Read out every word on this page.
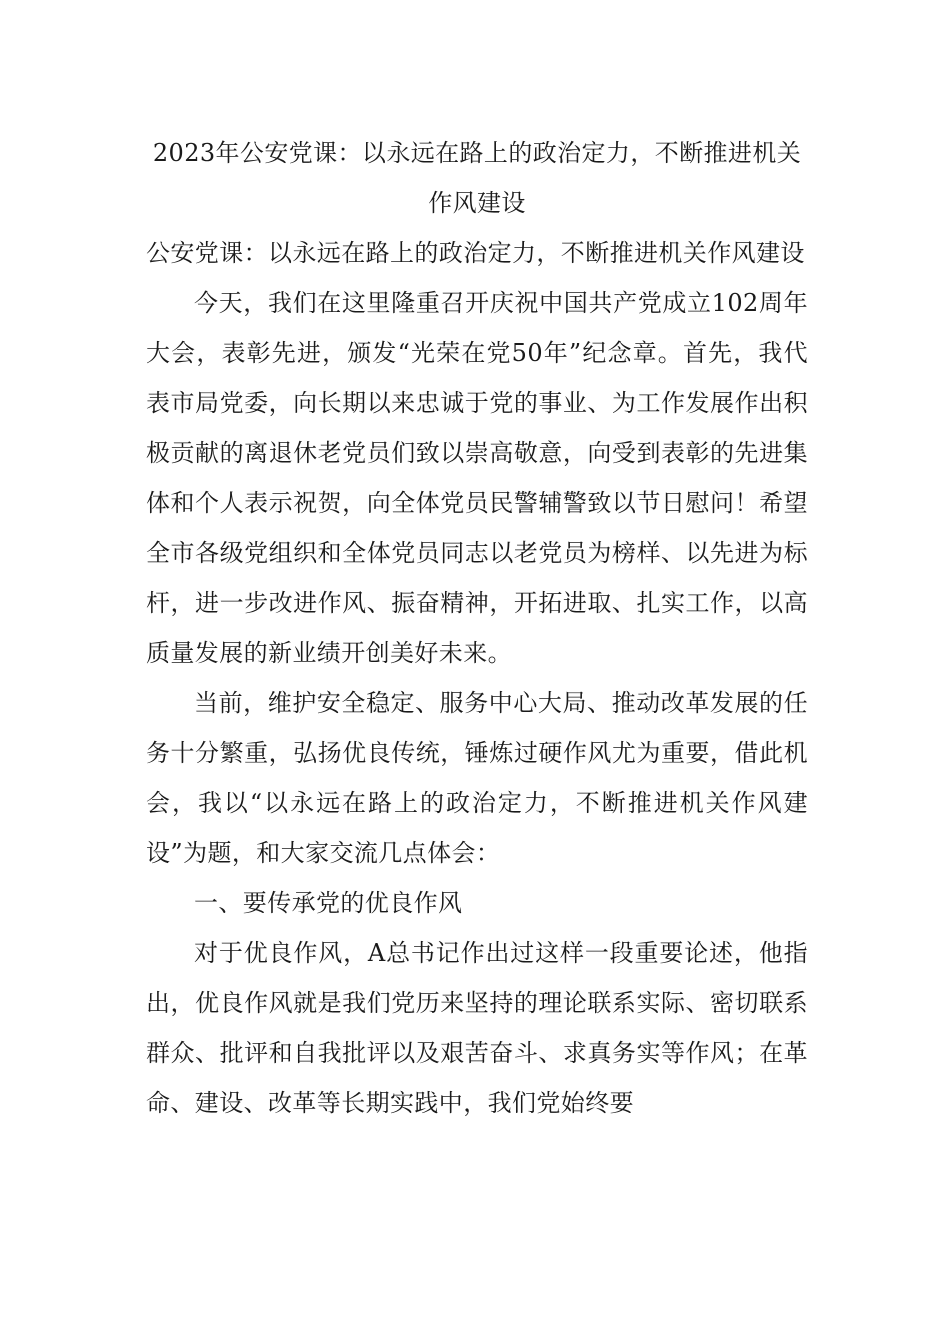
2023年公安党课：以永远在路上的政治定力，不断推进机关作风建设

公安党课：以永远在路上的政治定力，不断推进机关作风建设

今天，我们在这里隆重召开庆祝中国共产党成立102周年大会，表彰先进，颁发“光荣在党50年”纪念章。首先，我代表市局党委，向长期以来忠诚于党的事业、为工作发展作出积极贡献的离退休老党员们致以崇高敬意，向受到表彰的先进集体和个人表示祝贺，向全体党员民警辅警致以节日慰问！希望全市各级党组织和全体党员同志以老党员为榜样、以先进为标杆，进一步改进作风、振奋精神，开拓进取、扎实工作，以高质量发展的新业绩开创美好未来。

当前，维护安全稳定、服务中心大局、推动改革发展的任务十分繁重，弘扬优良传统，锤炼过硬作风尤为重要，借此机会，我以“以永远在路上的政治定力，不断推进机关作风建设”为题，和大家交流几点体会：

一、要传承党的优良作风

对于优良作风，A总书记作出过这样一段重要论述，他指出，优良作风就是我们党历来坚持的理论联系实际、密切联系群众、批评和自我批评以及艰苦奋斗、求真务实等作风；在革命、建设、改革等长期实践中，我们党始终要
